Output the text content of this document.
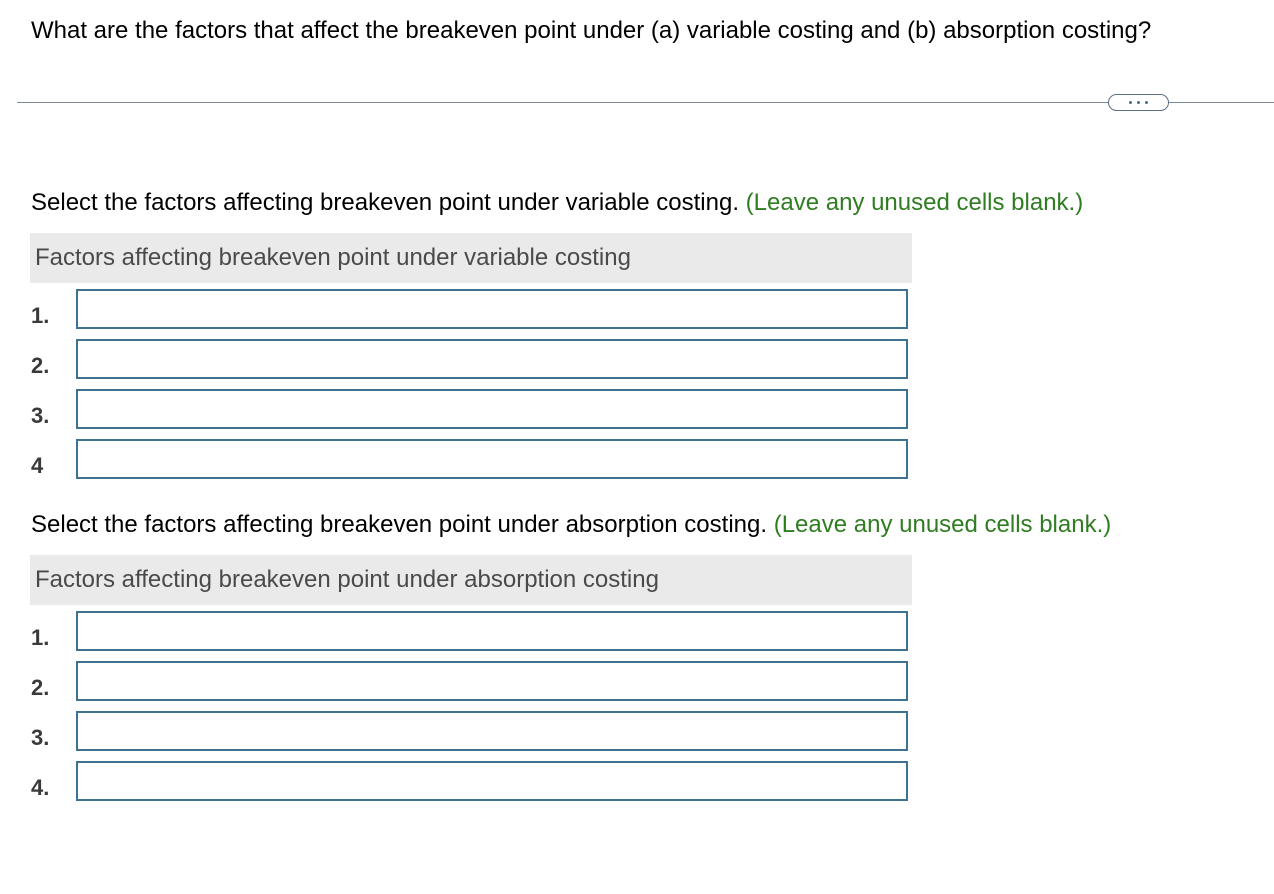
What are the factors that affect the breakeven point under (a) variable costing and (b) absorption costing?
Select the factors affecting breakeven point under variable costing. (Leave any unused cells blank.)
Factors affecting breakeven point under variable costing
1.
2.
3.
4
Select the factors affecting breakeven point under absorption costing. (Leave any unused cells blank.)
Factors affecting breakeven point under absorption costing
1.
2.
3.
4.
